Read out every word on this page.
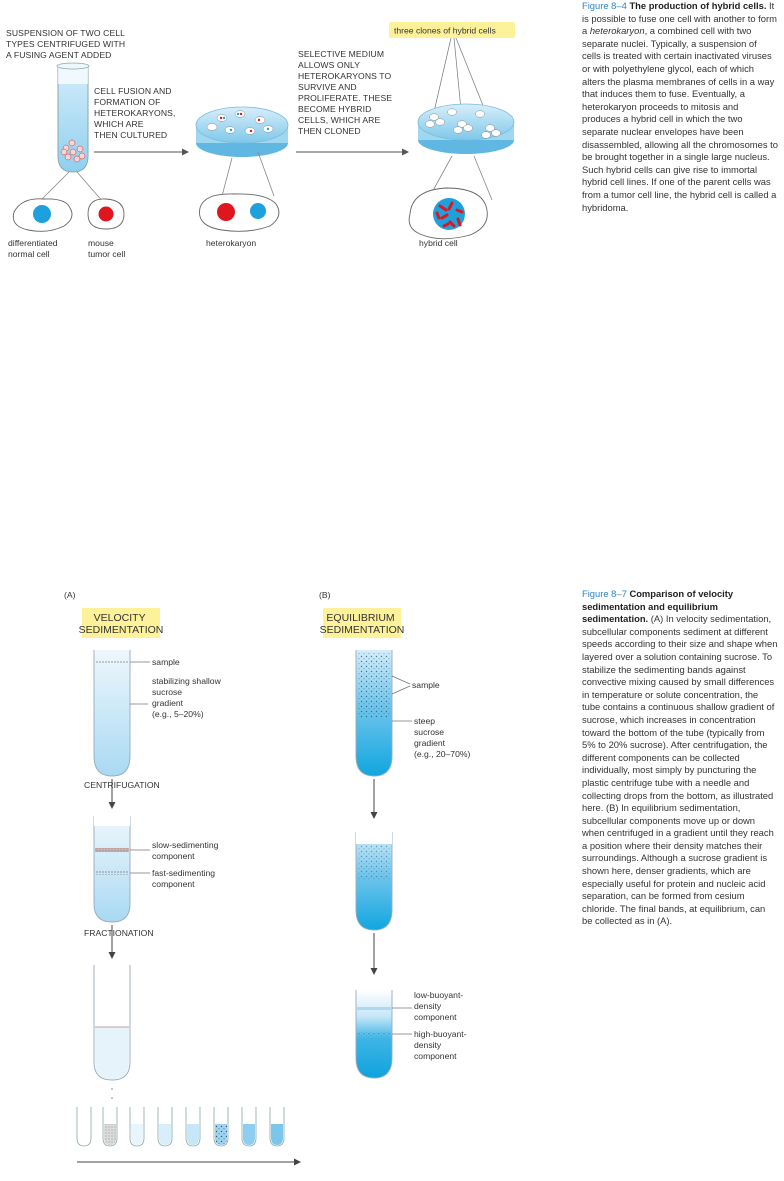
SUSPENSION OF TWO CELL TYPES CENTRIFUGED WITH A FUSING AGENT ADDED
differentiated normal cell
mouse tumor cell
CELL FUSION AND FORMATION OF HETEROKARYONS, WHICH ARE THEN CULTURED
heterokaryon
SELECTIVE MEDIUM ALLOWS ONLY HETEROKARYONS TO SURVIVE AND PROLIFERATE. THESE BECOME HYBRID CELLS, WHICH ARE THEN CLONED
three clones of hybrid cells
hybrid cell
Figure 8–4 The production of hybrid cells. It is possible to fuse one cell with another to form a heterokaryon, a combined cell with two separate nuclei. Typically, a suspension of cells is treated with certain inactivated viruses or with polyethylene glycol, each of which alters the plasma membranes of cells in a way that induces them to fuse. Eventually, a heterokaryon proceeds to mitosis and produces a hybrid cell in which the two separate nuclear envelopes have been disassembled, allowing all the chromosomes to be brought together in a single large nucleus. Such hybrid cells can give rise to immortal hybrid cell lines. If one of the parent cells was from a tumor cell line, the hybrid cell is called a hybridoma.
(A)
VELOCITY SEDIMENTATION
sample
stabilizing shallow sucrose gradient (e.g., 5–20%)
CENTRIFUGATION
slow-sedimenting component
fast-sedimenting component
FRACTIONATION
(B)
EQUILIBRIUM SEDIMENTATION
sample
steep sucrose gradient (e.g., 20–70%)
low-buoyant- density component
high-buoyant- density component
Figure 8–7 Comparison of velocity sedimentation and equilibrium sedimentation. (A) In velocity sedimentation, subcellular components sediment at different speeds according to their size and shape when layered over a solution containing sucrose. To stabilize the sedimenting bands against convective mixing caused by small differences in temperature or solute concentration, the tube contains a continuous shallow gradient of sucrose, which increases in concentration toward the bottom of the tube (typically from 5% to 20% sucrose). After centrifugation, the different components can be collected individually, most simply by puncturing the plastic centrifuge tube with a needle and collecting drops from the bottom, as illustrated here. (B) In equilibrium sedimentation, subcellular components move up or down when centrifuged in a gradient until they reach a position where their density matches their surroundings. Although a sucrose gradient is shown here, denser gradients, which are especially useful for protein and nucleic acid separation, can be formed from cesium chloride. The final bands, at equilibrium, can be collected as in (A).
